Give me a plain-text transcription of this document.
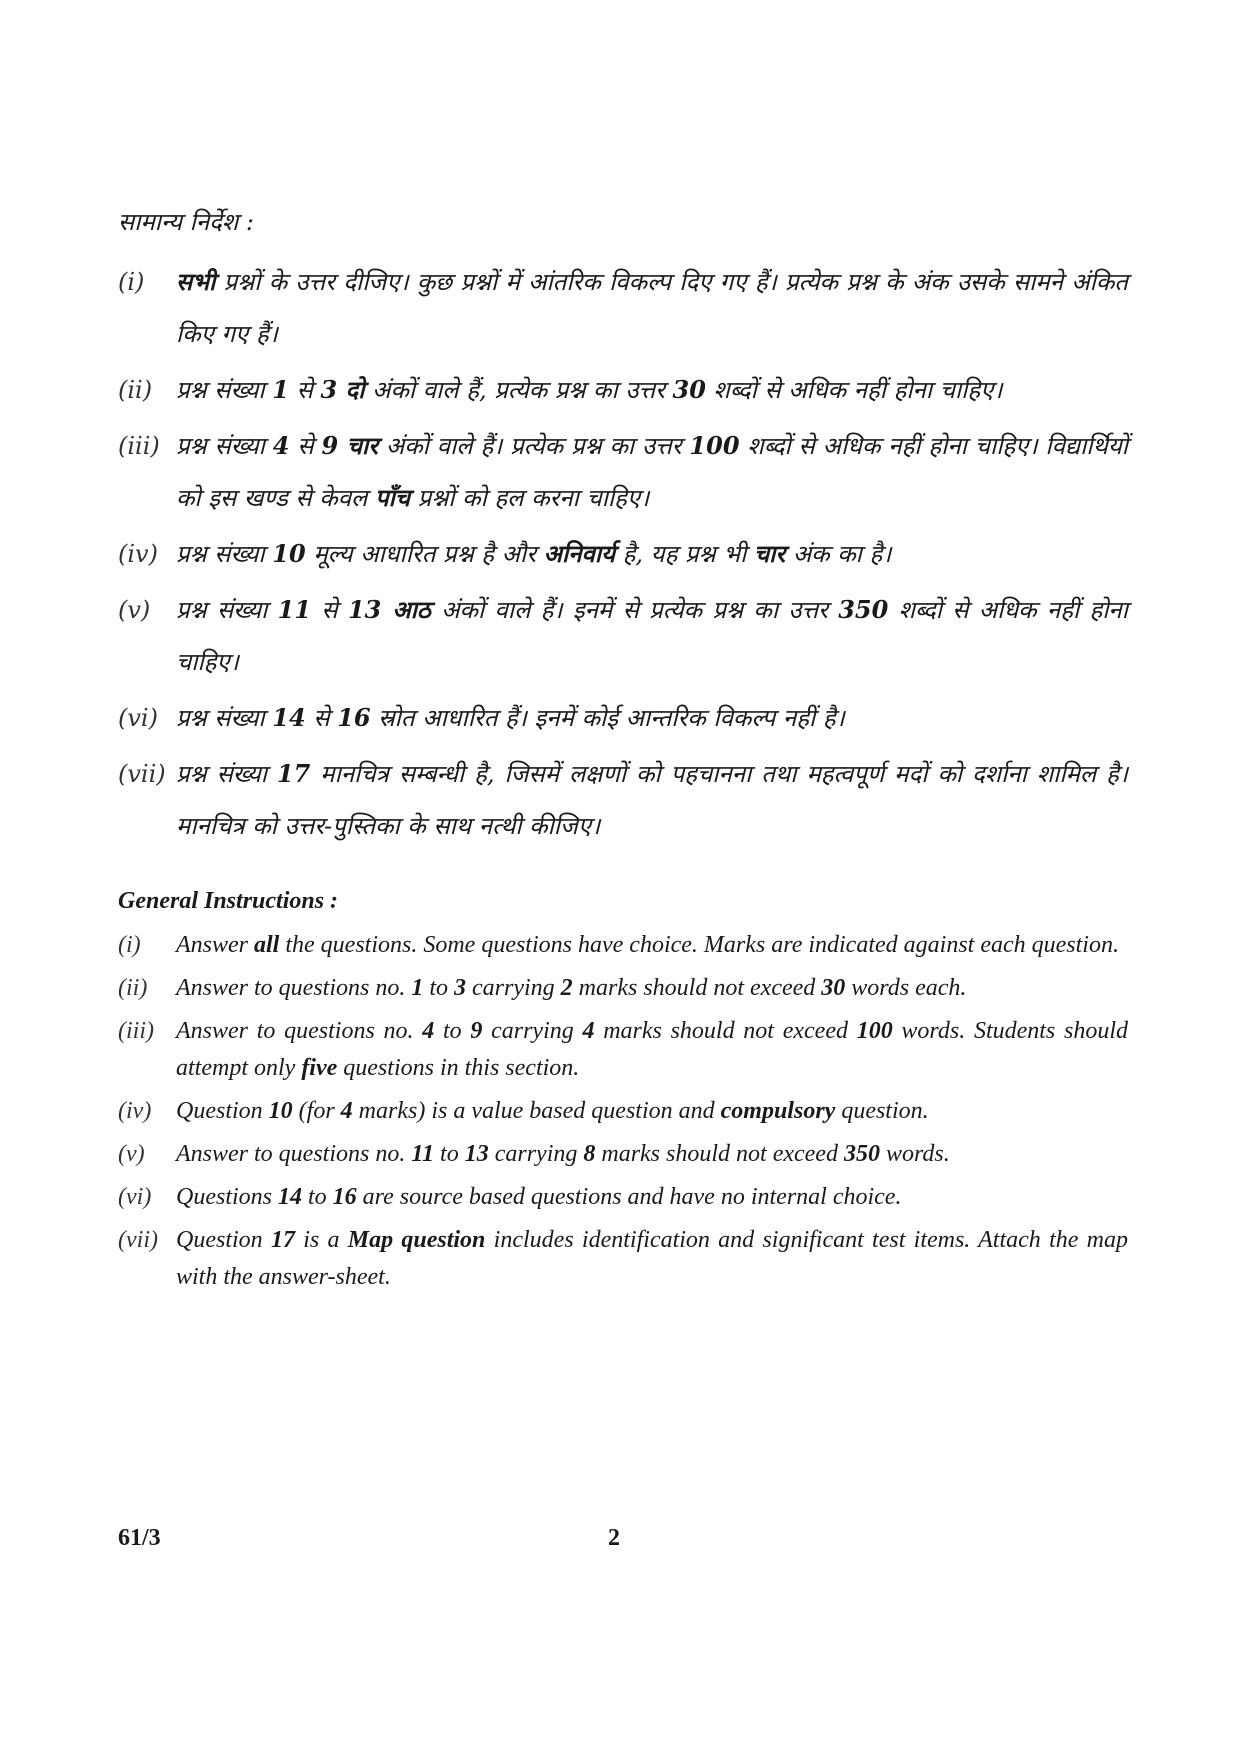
सामान्य निर्देश :
(i)	सभी प्रश्नों के उत्तर दीजिए। कुछ प्रश्नों में आंतरिक विकल्प दिए गए हैं। प्रत्येक प्रश्न के अंक उसके सामने अंकित किए गए हैं।
(ii) प्रश्न संख्या 1 से 3 दो अंकों वाले हैं, प्रत्येक प्रश्न का उत्तर 30 शब्दों से अधिक नहीं होना चाहिए।
(iii) प्रश्न संख्या 4 से 9 चार अंकों वाले हैं। प्रत्येक प्रश्न का उत्तर 100 शब्दों से अधिक नहीं होना चाहिए। विद्यार्थियों को इस खण्ड से केवल पाँच प्रश्नों को हल करना चाहिए।
(iv) प्रश्न संख्या 10 मूल्य आधारित प्रश्न है और अनिवार्य है, यह प्रश्न भी चार अंक का है।
(v)	प्रश्न संख्या 11 से 13 आठ अंकों वाले हैं। इनमें से प्रत्येक प्रश्न का उत्तर 350 शब्दों से अधिक नहीं होना चाहिए।
(vi) प्रश्न संख्या 14 से 16 स्रोत आधारित हैं। इनमें कोई आन्तरिक विकल्प नहीं है।
(vii) प्रश्न संख्या 17 मानचित्र सम्बन्धी है, जिसमें लक्षणों को पहचानना तथा महत्वपूर्ण मदों को दर्शाना शामिल है। मानचित्र को उत्तर-पुस्तिका के साथ नत्थी कीजिए।
General Instructions :
(i)	Answer all the questions. Some questions have choice. Marks are indicated against each question.
(ii)	Answer to questions no. 1 to 3 carrying 2 marks should not exceed 30 words each.
(iii) Answer to questions no. 4 to 9 carrying 4 marks should not exceed 100 words. Students should attempt only five questions in this section.
(iv)	Question 10 (for 4 marks) is a value based question and compulsory question.
(v)	Answer to questions no. 11 to 13 carrying 8 marks should not exceed 350 words.
(vi)	Questions 14 to 16 are source based questions and have no internal choice.
(vii) Question 17 is a Map question includes identification and significant test items. Attach the map with the answer-sheet.
61/3	2
